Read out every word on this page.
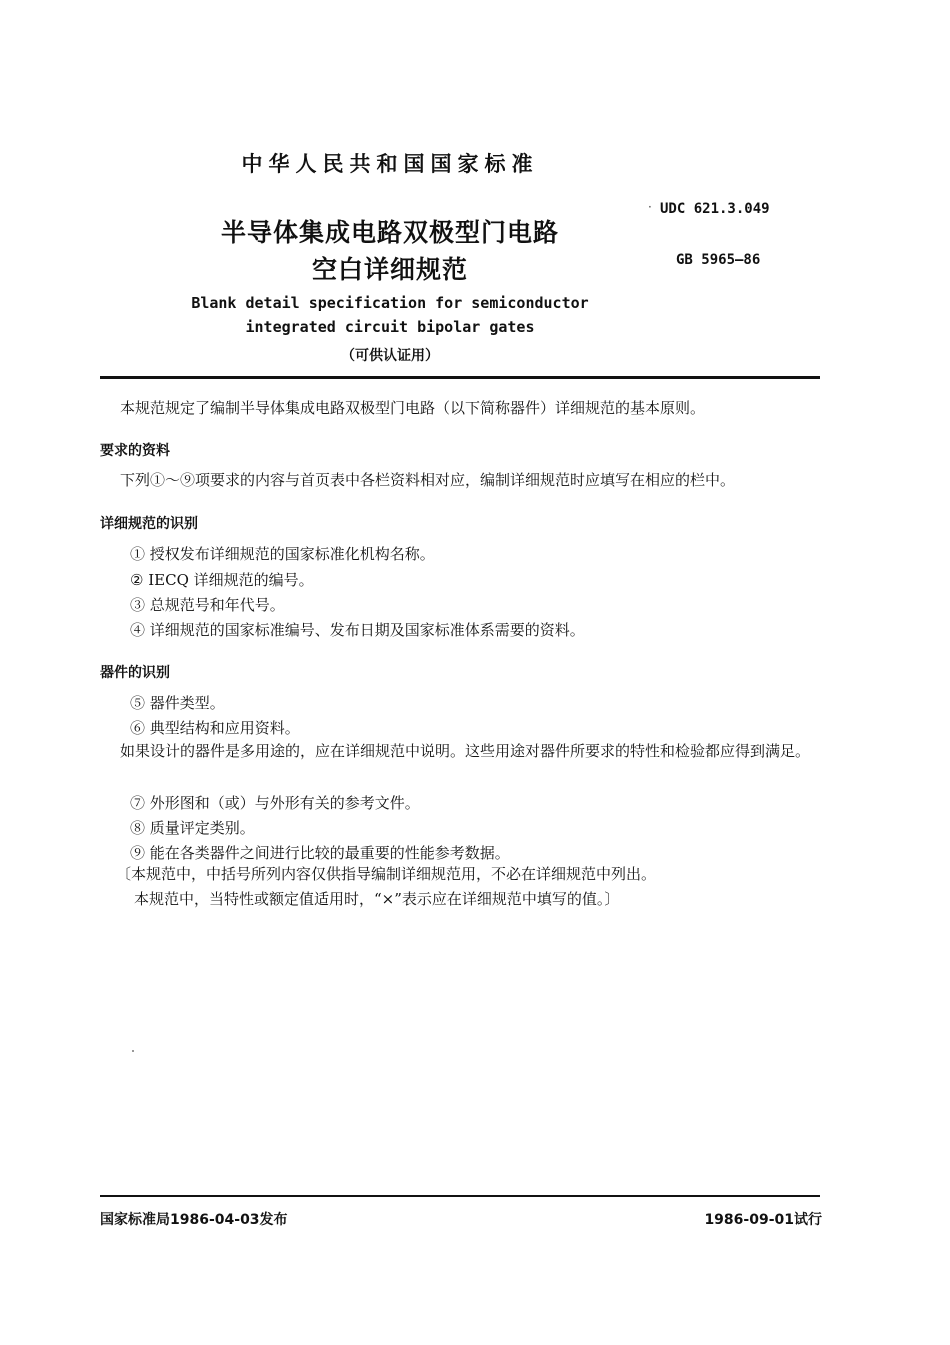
中华人民共和国国家标准
半导体集成电路双极型门电路
空白详细规范
Blank detail specification for semiconductor
integrated circuit bipolar gates
（可供认证用）
· UDC 621.3.049
GB 5965—86
本规范规定了编制半导体集成电路双极型门电路（以下简称器件）详细规范的基本原则。
要求的资料
下列①～⑨项要求的内容与首页表中各栏资料相对应，编制详细规范时应填写在相应的栏中。
详细规范的识别
① 授权发布详细规范的国家标准化机构名称。
② IECQ 详细规范的编号。
③ 总规范号和年代号。
④ 详细规范的国家标准编号、发布日期及国家标准体系需要的资料。
器件的识别
⑤ 器件类型。
⑥ 典型结构和应用资料。
如果设计的器件是多用途的，应在详细规范中说明。这些用途对器件所要求的特性和检验都应得到满足。
⑦ 外形图和（或）与外形有关的参考文件。
⑧ 质量评定类别。
⑨ 能在各类器件之间进行比较的最重要的性能参考数据。
〔本规范中，中括号所列内容仅供指导编制详细规范用，不必在详细规范中列出。
本规范中，当特性或额定值适用时，“×”表示应在详细规范中填写的值。〕
国家标准局1986-04-03发布	1986-09-01试行
